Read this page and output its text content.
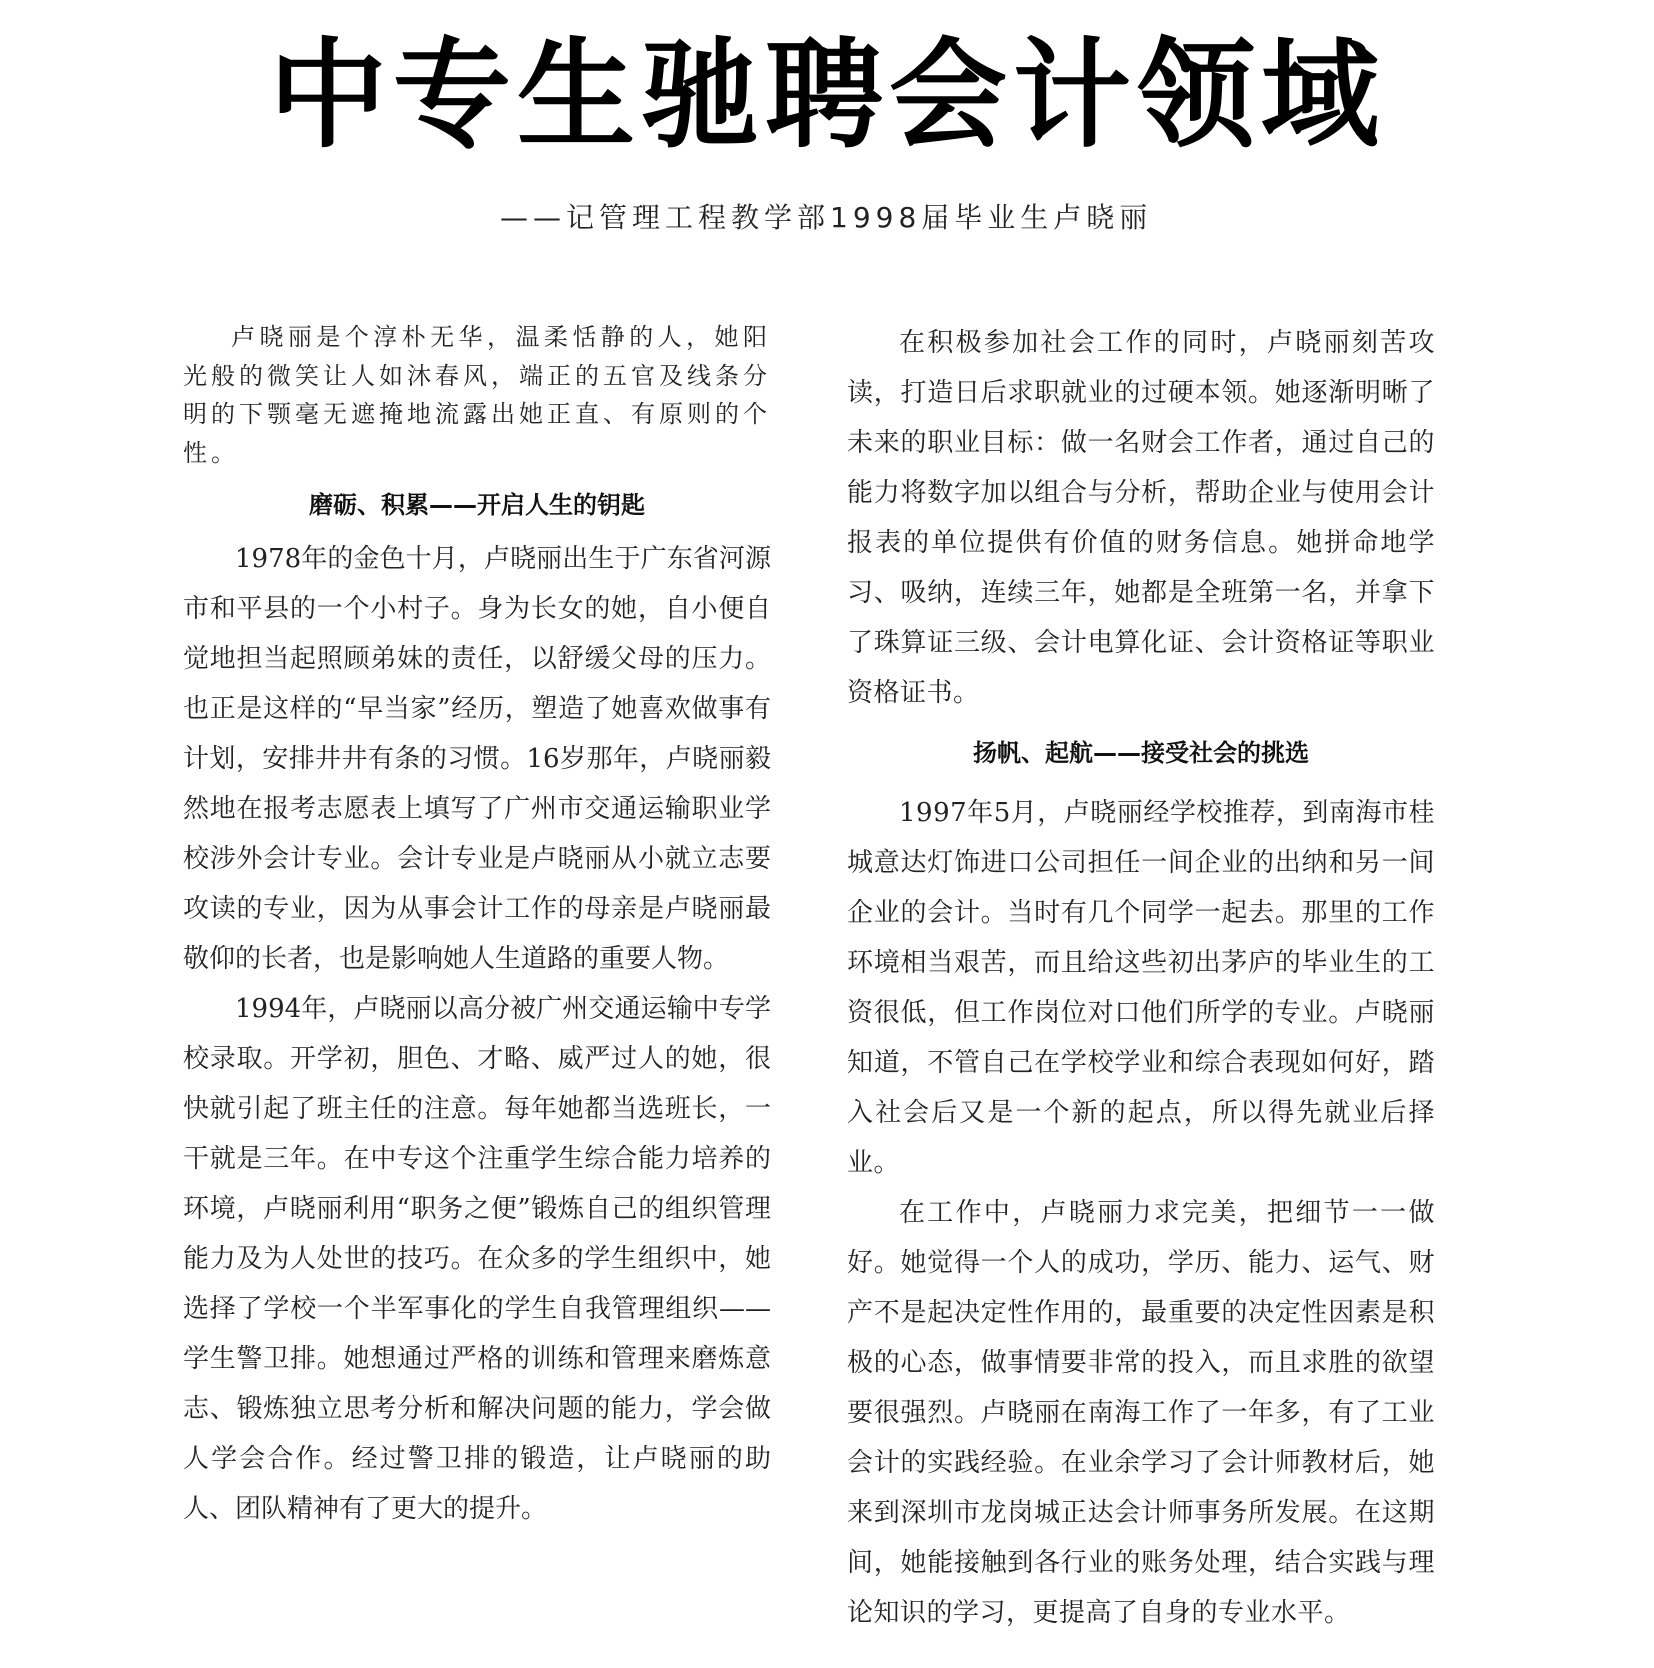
中专生驰聘会计领域
——记管理工程教学部1998届毕业生卢晓丽

卢晓丽是个淳朴无华，温柔恬静的人，她阳光般的微笑让人如沐春风，端正的五官及线条分明的下颚毫无遮掩地流露出她正直、有原则的个性。

磨砺、积累——开启人生的钥匙

1978年的金色十月，卢晓丽出生于广东省河源市和平县的一个小村子。身为长女的她，自小便自觉地担当起照顾弟妹的责任，以舒缓父母的压力。也正是这样的“早当家”经历，塑造了她喜欢做事有计划，安排井井有条的习惯。16岁那年，卢晓丽毅然地在报考志愿表上填写了广州市交通运输职业学校涉外会计专业。会计专业是卢晓丽从小就立志要攻读的专业，因为从事会计工作的母亲是卢晓丽最敬仰的长者，也是影响她人生道路的重要人物。

1994年，卢晓丽以高分被广州交通运输中专学校录取。开学初，胆色、才略、威严过人的她，很快就引起了班主任的注意。每年她都当选班长，一干就是三年。在中专这个注重学生综合能力培养的环境，卢晓丽利用“职务之便”锻炼自己的组织管理能力及为人处世的技巧。在众多的学生组织中，她选择了学校一个半军事化的学生自我管理组织——学生警卫排。她想通过严格的训练和管理来磨炼意志、锻炼独立思考分析和解决问题的能力，学会做人学会合作。经过警卫排的锻造，让卢晓丽的助人、团队精神有了更大的提升。

在积极参加社会工作的同时，卢晓丽刻苦攻读，打造日后求职就业的过硬本领。她逐渐明晰了未来的职业目标：做一名财会工作者，通过自己的能力将数字加以组合与分析，帮助企业与使用会计报表的单位提供有价值的财务信息。她拼命地学习、吸纳，连续三年，她都是全班第一名，并拿下了珠算证三级、会计电算化证、会计资格证等职业资格证书。

扬帆、起航——接受社会的挑选

1997年5月，卢晓丽经学校推荐，到南海市桂城意达灯饰进口公司担任一间企业的出纳和另一间企业的会计。当时有几个同学一起去。那里的工作环境相当艰苦，而且给这些初出茅庐的毕业生的工资很低，但工作岗位对口他们所学的专业。卢晓丽知道，不管自己在学校学业和综合表现如何好，踏入社会后又是一个新的起点，所以得先就业后择业。

在工作中，卢晓丽力求完美，把细节一一做好。她觉得一个人的成功，学历、能力、运气、财产不是起决定性作用的，最重要的决定性因素是积极的心态，做事情要非常的投入，而且求胜的欲望要很强烈。卢晓丽在南海工作了一年多，有了工业会计的实践经验。在业余学习了会计师教材后，她来到深圳市龙岗城正达会计师事务所发展。在这期间，她能接触到各行业的账务处理，结合实践与理论知识的学习，更提高了自身的专业水平。
